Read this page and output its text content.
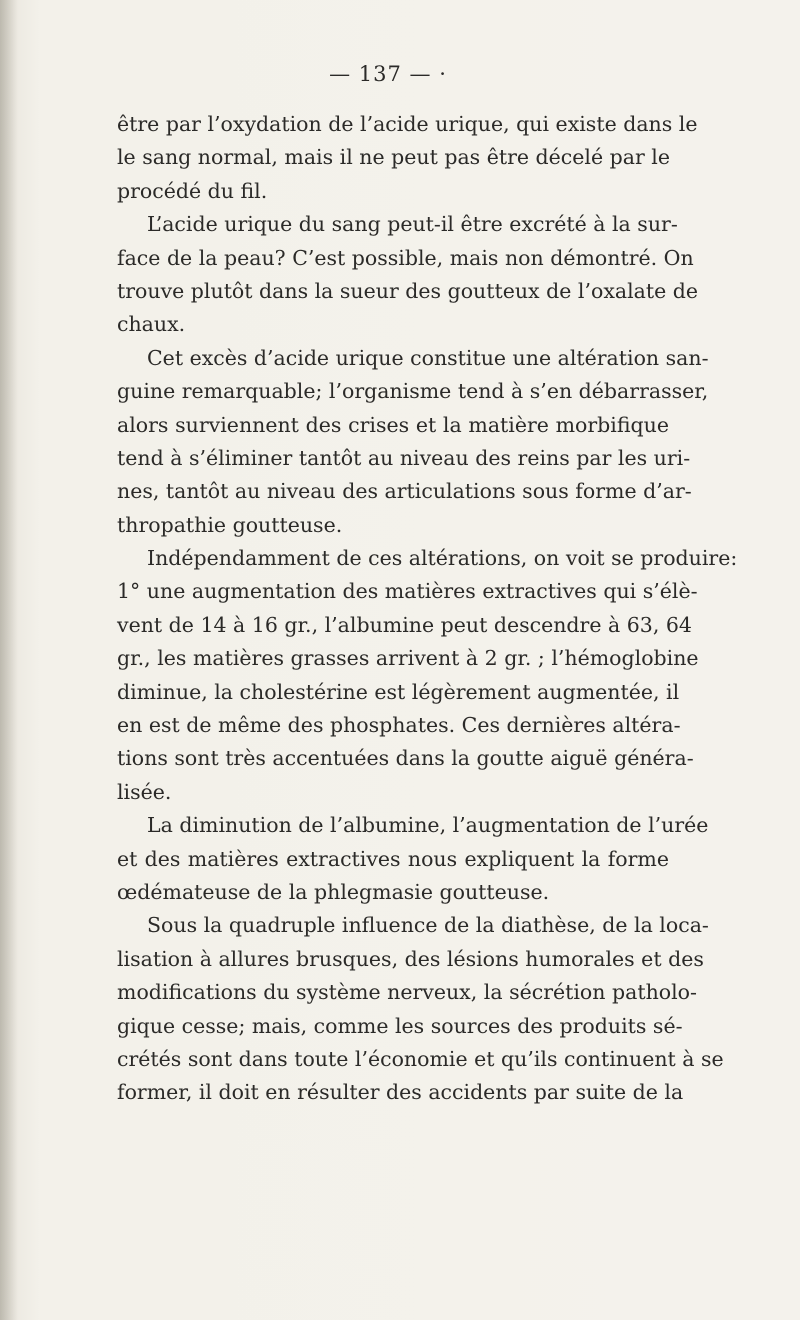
— 137 — ·
être par l’oxydation de l’acide urique, qui existe dans le
le sang normal, mais il ne peut pas être décelé par le
procédé du fil.
L’acide urique du sang peut-il être excrété à la sur-
face de la peau? C’est possible, mais non démontré. On
trouve plutôt dans la sueur des goutteux de l’oxalate de
chaux.
Cet excès d’acide urique constitue une altération san-
guine remarquable; l’organisme tend à s’en débarrasser,
alors surviennent des crises et la matière morbifique
tend à s’éliminer tantôt au niveau des reins par les uri-
nes, tantôt au niveau des articulations sous forme d’ar-
thropathie goutteuse.
Indépendamment de ces altérations, on voit se produire:
1° une augmentation des matières extractives qui s’élè-
vent de 14 à 16 gr., l’albumine peut descendre à 63, 64
gr., les matières grasses arrivent à 2 gr. ; l’hémoglobine
diminue, la cholestérine est légèrement augmentée, il
en est de même des phosphates. Ces dernières altéra-
tions sont très accentuées dans la goutte aiguë généra-
lisée.
La diminution de l’albumine, l’augmentation de l’urée
et des matières extractives nous expliquent la forme
œdémateuse de la phlegmasie goutteuse.
Sous la quadruple influence de la diathèse, de la loca-
lisation à allures brusques, des lésions humorales et des
modifications du système nerveux, la sécrétion patholo-
gique cesse; mais, comme les sources des produits sé-
crétés sont dans toute l’économie et qu’ils continuent à se
former, il doit en résulter des accidents par suite de la
